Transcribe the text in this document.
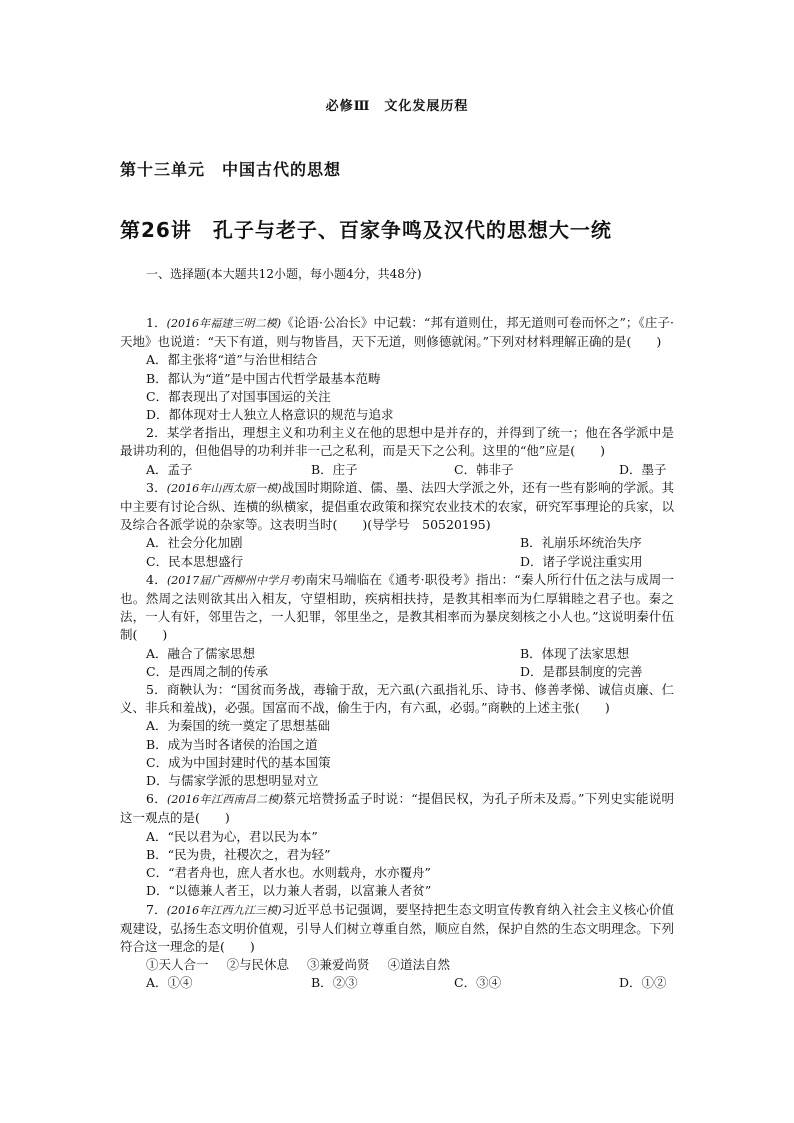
必修Ⅲ　文化发展历程
第十三单元　中国古代的思想
第26讲　孔子与老子、百家争鸣及汉代的思想大一统
一、选择题(本大题共12小题，每小题4分，共48分)

1．(2016年福建三明二模)《论语·公冶长》中记载：“邦有道则仕，邦无道则可卷而怀之”；《庄子·天地》也说道：“天下有道，则与物皆昌，天下无道，则修德就闲。”下列对材料理解正确的是(　　)

A．都主张将“道”与治世相结合

B．都认为“道”是中国古代哲学最基本范畴

C．都表现出了对国事国运的关注

D．都体现对士人独立人格意识的规范与追求

2．某学者指出，理想主义和功利主义在他的思想中是并存的，并得到了统一；他在各学派中是最讲功利的，但他倡导的功利并非一己之私利，而是天下之公利。这里的“他”应是(　　)

A．孟子	B．庄子	C．韩非子	D．墨子

3．(2016年山西太原一模)战国时期除道、儒、墨、法四大学派之外，还有一些有影响的学派。其中主要有讨论合纵、连横的纵横家，提倡重农政策和探究农业技术的农家，研究军事理论的兵家，以及综合各派学说的杂家等。这表明当时(　　)(导学号　50520195)

A．社会分化加剧	B．礼崩乐坏统治失序
C．民本思想盛行	D．诸子学说注重实用

4．(2017届广西柳州中学月考)南宋马端临在《通考·职役考》指出：“秦人所行什伍之法与成周一也。然周之法则欲其出入相友，守望相助，疾病相扶持，是教其相率而为仁厚辑睦之君子也。秦之法，一人有奸，邻里告之，一人犯罪，邻里坐之，是教其相率而为暴戾刻核之小人也。”这说明秦什伍制(　　)

A．融合了儒家思想	B．体现了法家思想
C．是西周之制的传承	D．是郡县制度的完善

5．商鞅认为：“国贫而务战，毒输于敌，无六虱(六虱指礼乐、诗书、修善孝悌、诚信贞廉、仁义、非兵和羞战)，必强。国富而不战，偷生于内，有六虱，必弱。”商鞅的上述主张(　　)

A．为秦国的统一奠定了思想基础

B．成为当时各诸侯的治国之道

C．成为中国封建时代的基本国策

D．与儒家学派的思想明显对立

6．(2016年江西南昌二模)蔡元培赞扬孟子时说：“提倡民权，为孔子所未及焉。”下列史实能说明这一观点的是(　　)

A．“民以君为心，君以民为本”

B．“民为贵，社稷次之，君为轻”

C．“君者舟也，庶人者水也。水则载舟，水亦覆舟”

D．“以德兼人者王，以力兼人者弱，以富兼人者贫”

7．(2016年江西九江三模)习近平总书记强调，要坚持把生态文明宣传教育纳入社会主义核心价值观建设，弘扬生态文明价值观，引导人们树立尊重自然，顺应自然，保护自然的生态文明理念。下列符合这一理念的是(　　)

①天人合一 ②与民休息 ③兼爱尚贤 ④道法自然

A．①④	B．②③	C．③④	D．①②
